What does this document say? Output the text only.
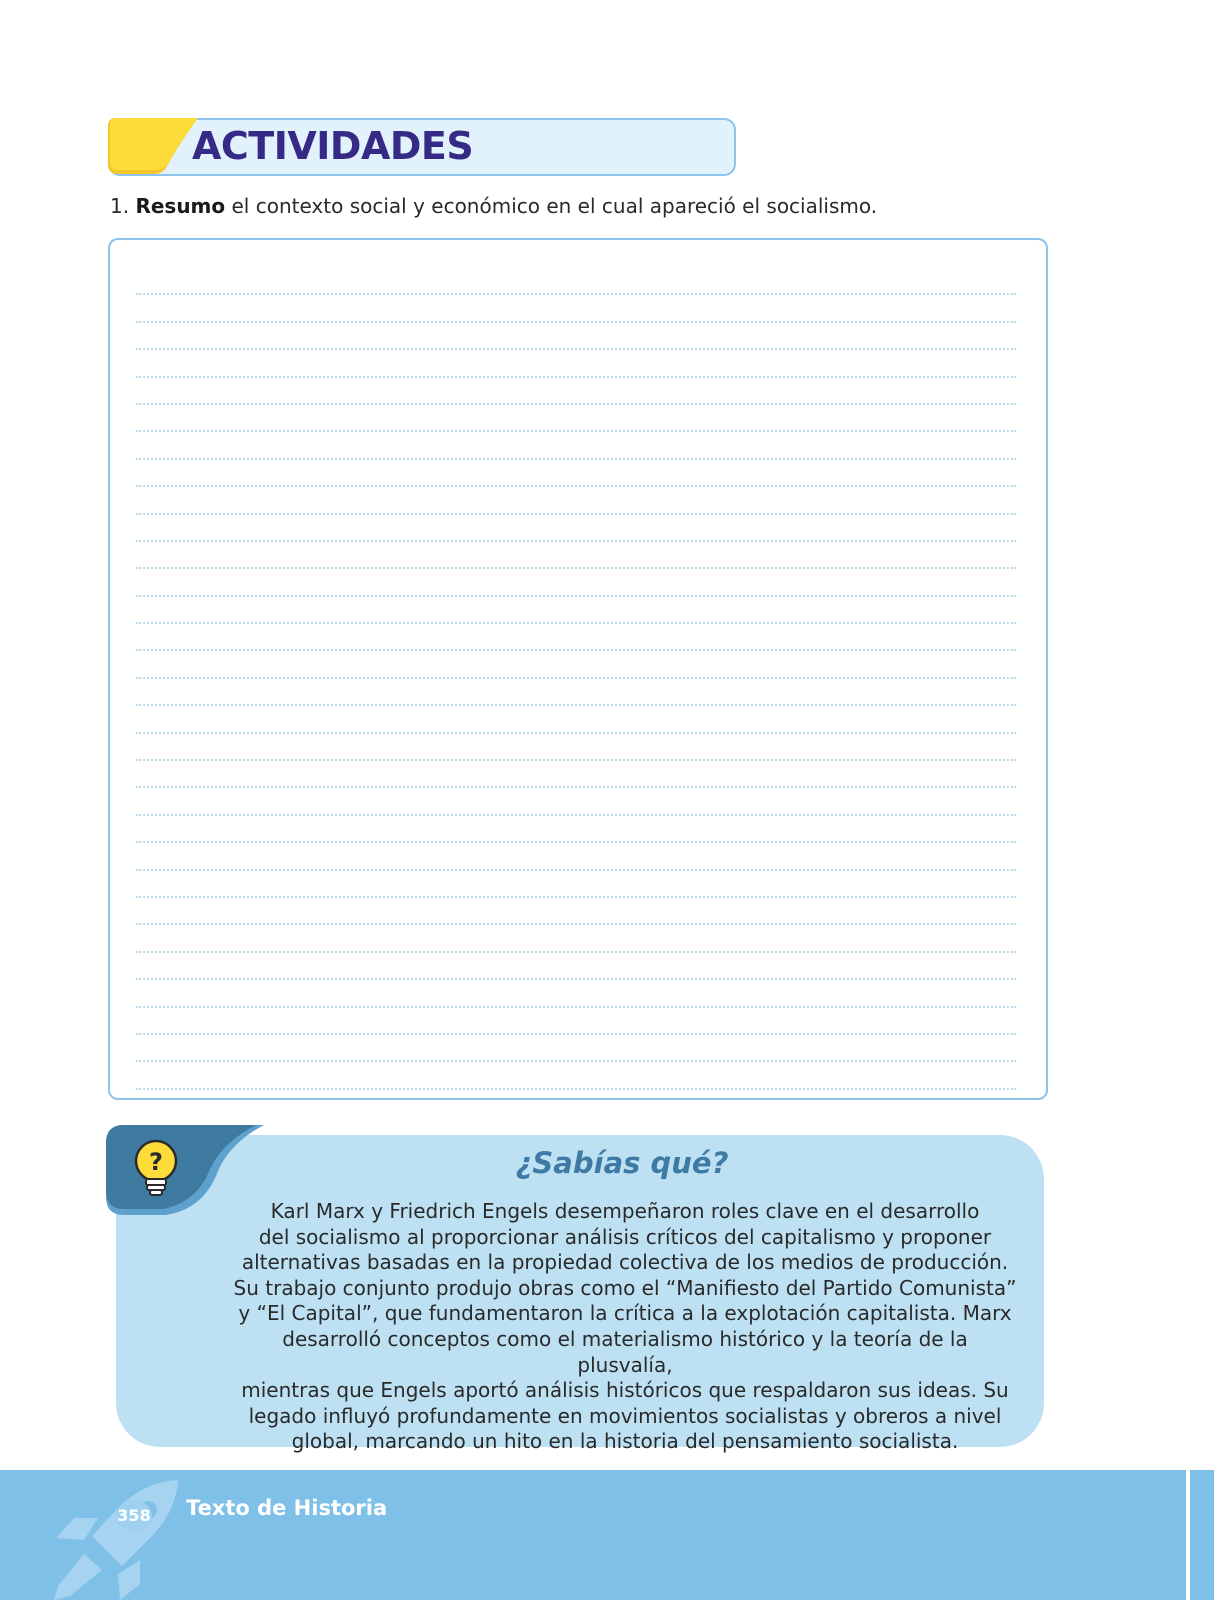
ACTIVIDADES
1. Resumo el contexto social y económico en el cual apareció el socialismo.
?	¿Sabías qué?
Karl Marx y Friedrich Engels desempeñaron roles clave en el desarrollo
del socialismo al proporcionar análisis críticos del capitalismo y proponer
alternativas basadas en la propiedad colectiva de los medios de producción.
Su trabajo conjunto produjo obras como el “Manifiesto del Partido Comunista”
y “El Capital”, que fundamentaron la crítica a la explotación capitalista. Marx
desarrolló conceptos como el materialismo histórico y la teoría de la plusvalía,
mientras que Engels aportó análisis históricos que respaldaron sus ideas. Su
legado influyó profundamente en movimientos socialistas y obreros a nivel
global, marcando un hito en la historia del pensamiento socialista.
358 Texto de Historia
